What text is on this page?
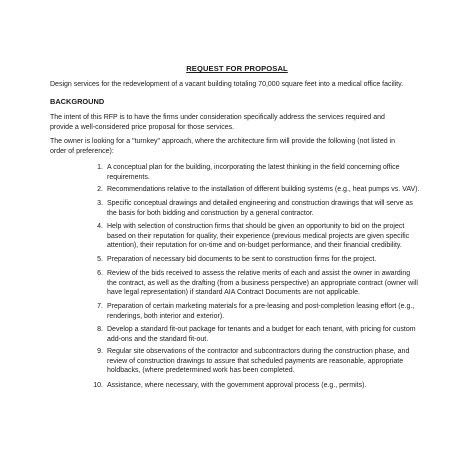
REQUEST FOR PROPOSAL
Design services for the redevelopment of a vacant building totaling 70,000 square feet into a medical office facility.
BACKGROUND
The intent of this RFP is to have the firms under consideration specifically address the services required and
provide a well-considered price proposal for those services.
The owner is looking for a "turnkey" approach, where the architecture firm will provide the following (not listed in
order of preference):
1. A conceptual plan for the building, incorporating the latest thinking in the field concerning office
requirements.
2. Recommendations relative to the installation of different building systems (e.g., heat pumps vs. VAV).
3. Specific conceptual drawings and detailed engineering and construction drawings that will serve as
the basis for both bidding and construction by a general contractor.
4. Help with selection of construction firms that should be given an opportunity to bid on the project
based on their reputation for quality, their experience (previous medical projects are given specific
attention), their reputation for on-time and on-budget performance, and their financial credibility.
5. Preparation of necessary bid documents to be sent to construction firms for the project.
6. Review of the bids received to assess the relative merits of each and assist the owner in awarding
the contract, as well as the drafting (from a business perspective) an appropriate contract (owner will
have legal representation) if standard AIA Contract Documents are not applicable.
7. Preparation of certain marketing materials for a pre-leasing and post-completion leasing effort (e.g.,
renderings, both interior and exterior).
8. Develop a standard fit-out package for tenants and a budget for each tenant, with pricing for custom
add-ons and the standard fit-out.
9. Regular site observations of the contractor and subcontractors during the construction phase, and
review of construction drawings to assure that scheduled payments are reasonable, appropriate
holdbacks, (where predetermined work has been completed.
10. Assistance, where necessary, with the government approval process (e.g., permits).
